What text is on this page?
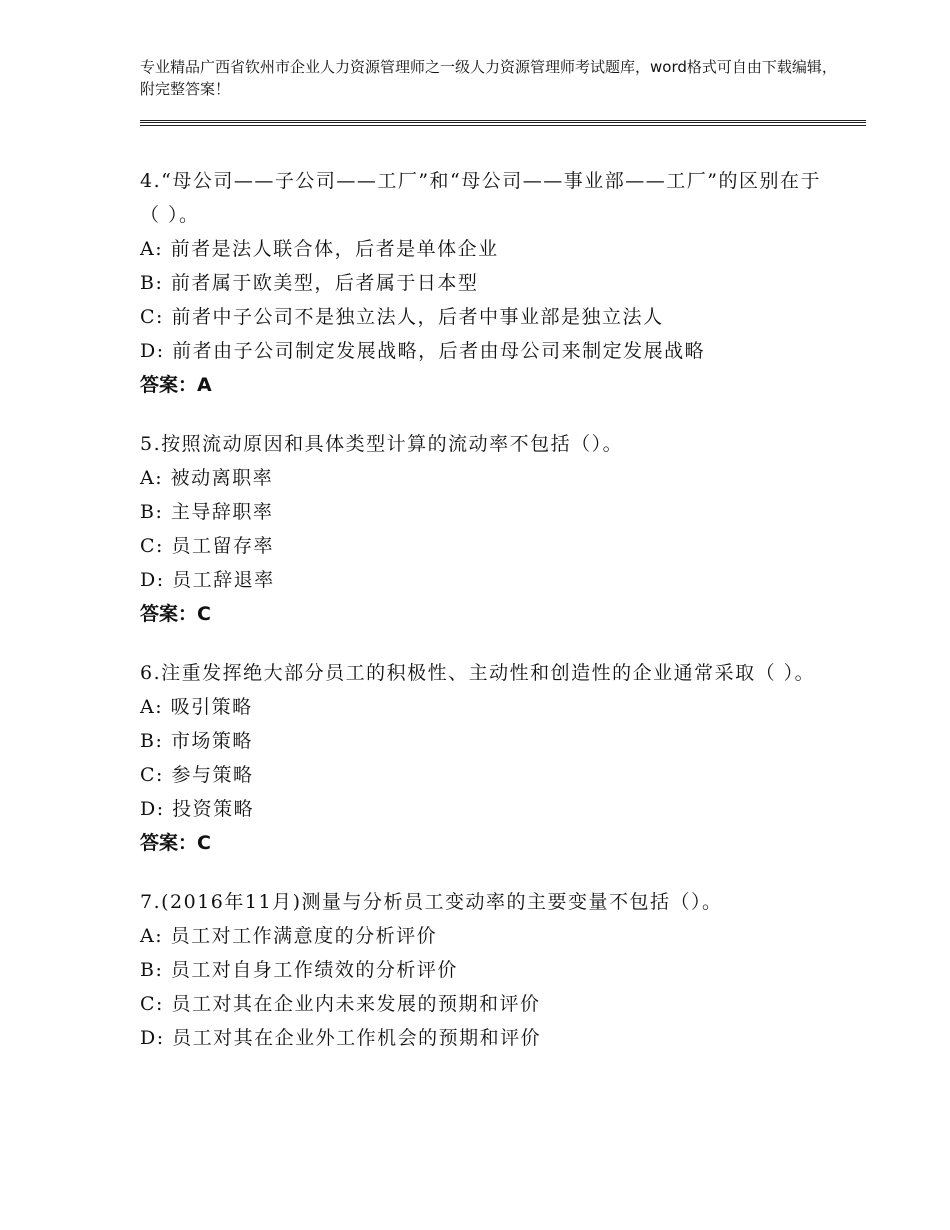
专业精品广西省钦州市企业人力资源管理师之一级人力资源管理师考试题库，word格式可自由下载编辑，附完整答案！

4.“母公司——子公司——工厂”和“母公司——事业部——工厂”的区别在于（ ）。

A: 前者是法人联合体，后者是单体企业

B: 前者属于欧美型，后者属于日本型

C: 前者中子公司不是独立法人，后者中事业部是独立法人

D: 前者由子公司制定发展战略，后者由母公司来制定发展战略

答案：A

5.按照流动原因和具体类型计算的流动率不包括（）。

A: 被动离职率

B: 主导辞职率

C: 员工留存率

D: 员工辞退率

答案：C

6.注重发挥绝大部分员工的积极性、主动性和创造性的企业通常采取（ ）。

A: 吸引策略

B: 市场策略

C: 参与策略

D: 投资策略

答案：C

7.(2016年11月)测量与分析员工变动率的主要变量不包括（）。

A: 员工对工作满意度的分析评价

B: 员工对自身工作绩效的分析评价

C: 员工对其在企业内未来发展的预期和评价

D: 员工对其在企业外工作机会的预期和评价
